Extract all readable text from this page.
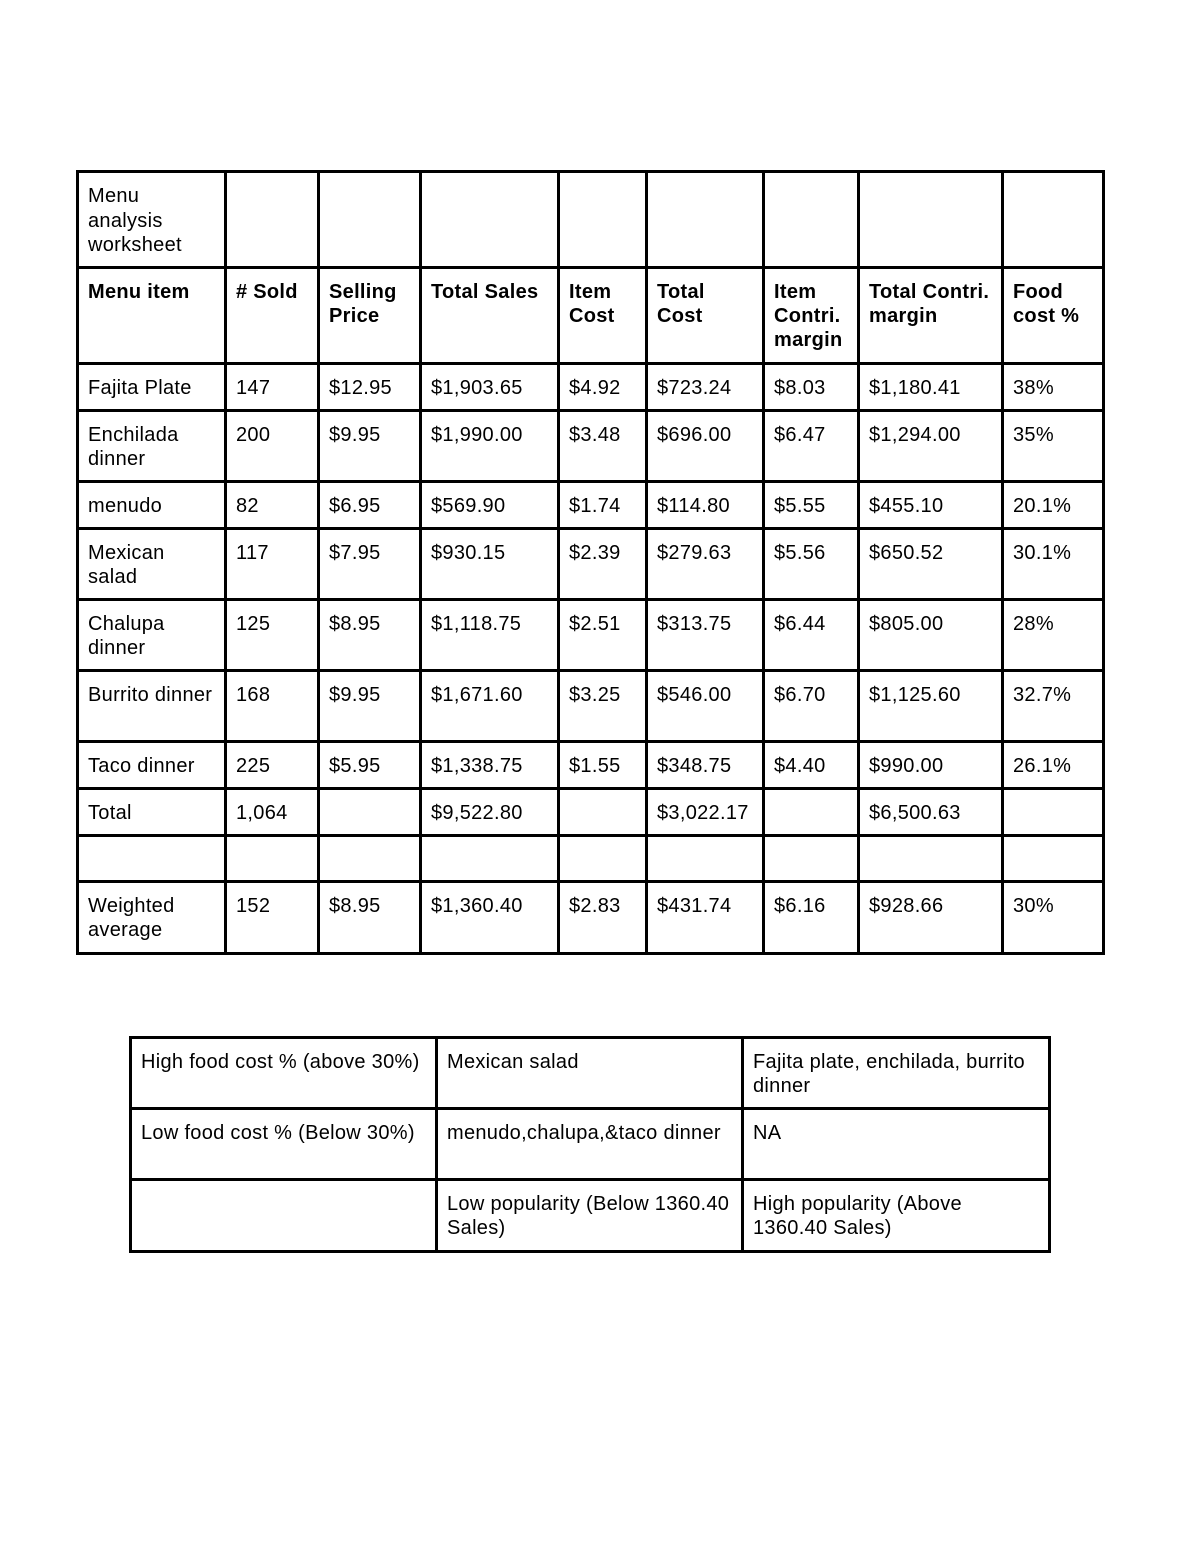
Menu analysis worksheet								
Menu item	# Sold	Selling Price	Total Sales	Item Cost	Total Cost	Item Contri. margin	Total Contri. margin	Food cost %
Fajita Plate	147	$12.95	$1,903.65	$4.92	$723.24	$8.03	$1,180.41	38%
Enchilada dinner	200	$9.95	$1,990.00	$3.48	$696.00	$6.47	$1,294.00	35%
menudo	82	$6.95	$569.90	$1.74	$114.80	$5.55	$455.10	20.1%
Mexican salad	117	$7.95	$930.15	$2.39	$279.63	$5.56	$650.52	30.1%
Chalupa dinner	125	$8.95	$1,118.75	$2.51	$313.75	$6.44	$805.00	28%
Burrito dinner	168	$9.95	$1,671.60	$3.25	$546.00	$6.70	$1,125.60	32.7%
Taco dinner	225	$5.95	$1,338.75	$1.55	$348.75	$4.40	$990.00	26.1%
Total	1,064		$9,522.80		$3,022.17		$6,500.63	

Weighted average	152	$8.95	$1,360.40	$2.83	$431.74	$6.16	$928.66	30%
High food cost % (above 30%)	Mexican salad	Fajita plate, enchilada, burrito dinner
Low food cost % (Below 30%)	menudo,chalupa,&taco dinner	NA
	Low popularity (Below 1360.40 Sales)	High popularity (Above 1360.40 Sales)
